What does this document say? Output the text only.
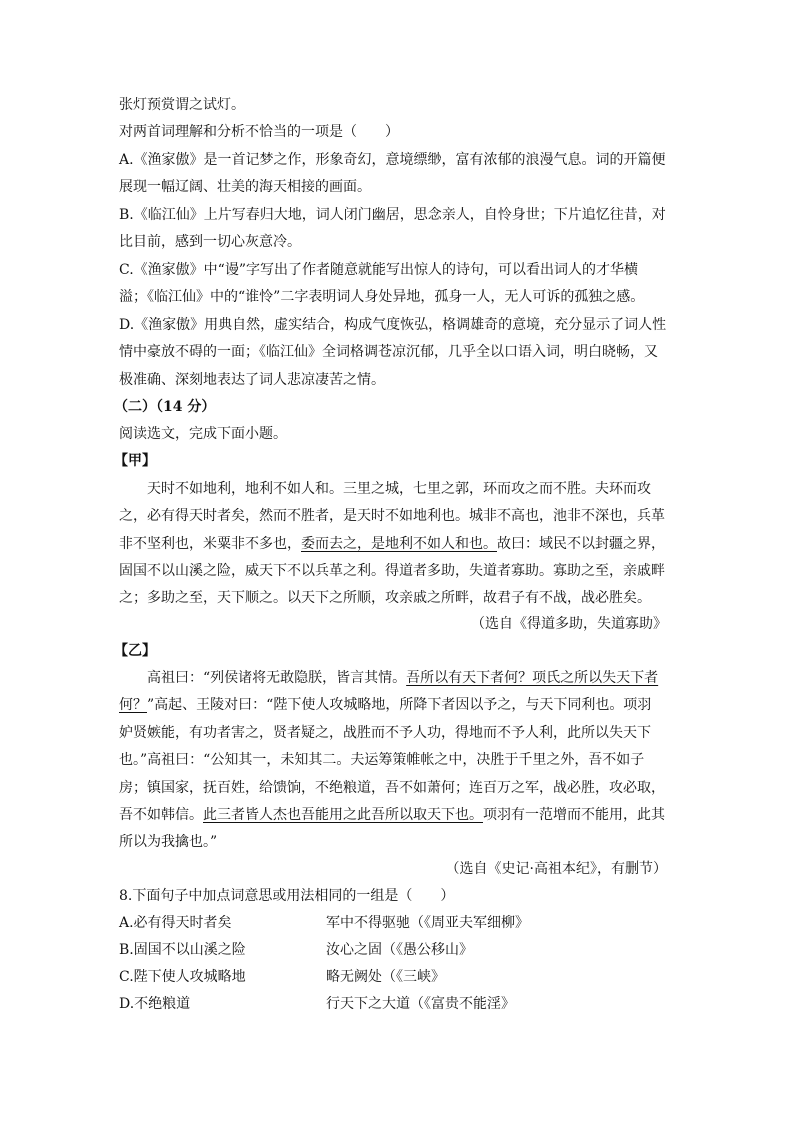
张灯预赏谓之试灯。
对两首词理解和分析不恰当的一项是（　　）
A.《渔家傲》是一首记梦之作，形象奇幻，意境缥缈，富有浓郁的浪漫气息。词的开篇便
展现一幅辽阔、壮美的海天相接的画面。
B.《临江仙》上片写春归大地，词人闭门幽居，思念亲人，自怜身世；下片追忆往昔，对
比目前，感到一切心灰意冷。
C.《渔家傲》中“谩”字写出了作者随意就能写出惊人的诗句，可以看出词人的才华横
溢；《临江仙》中的“谁怜”二字表明词人身处异地，孤身一人，无人可诉的孤独之感。
D.《渔家傲》用典自然，虚实结合，构成气度恢弘，格调雄奇的意境，充分显示了词人性
情中豪放不碍的一面；《临江仙》全词格调苍凉沉郁，几乎全以口语入词，明白晓畅，又
极准确、深刻地表达了词人悲凉凄苦之情。
（二）（14 分）
阅读选文，完成下面小题。
【甲】
天时不如地利，地利不如人和。三里之城，七里之郭，环而攻之而不胜。夫环而攻
之，必有得天时者矣，然而不胜者，是天时不如地利也。城非不高也，池非不深也，兵革
非不坚利也，米粟非不多也，委而去之，是地利不如人和也。故曰：域民不以封疆之界，
固国不以山溪之险，威天下不以兵革之利。得道者多助，失道者寡助。寡助之至，亲戚畔
之；多助之至，天下顺之。以天下之所顺，攻亲戚之所畔，故君子有不战，战必胜矣。
（选自《得道多助，失道寡助》
【乙】
高祖曰：“列侯诸将无敢隐朕，皆言其情。吾所以有天下者何？项氏之所以失天下者
何？”高起、王陵对曰：“陛下使人攻城略地，所降下者因以予之，与天下同利也。项羽
妒贤嫉能，有功者害之，贤者疑之，战胜而不予人功，得地而不予人利，此所以失天下
也。”高祖曰：“公知其一，未知其二。夫运筹策帷帐之中，决胜于千里之外，吾不如子
房；镇国家，抚百姓，给馈饷，不绝粮道，吾不如萧何；连百万之军，战必胜，攻必取，
吾不如韩信。此三者皆人杰也吾能用之此吾所以取天下也。项羽有一范增而不能用，此其
所以为我擒也。”
（选自《史记·高祖本纪》，有删节）
8.下面句子中加点词意思或用法相同的一组是（　　）
A.必有得天时者矣	军中不得驱驰（《周亚夫军细柳》
B.固国不以山溪之险	汝心之固（《愚公移山》
C.陛下使人攻城略地	略无阙处（《三峡》
D.不绝粮道	行天下之大道（《富贵不能淫》
